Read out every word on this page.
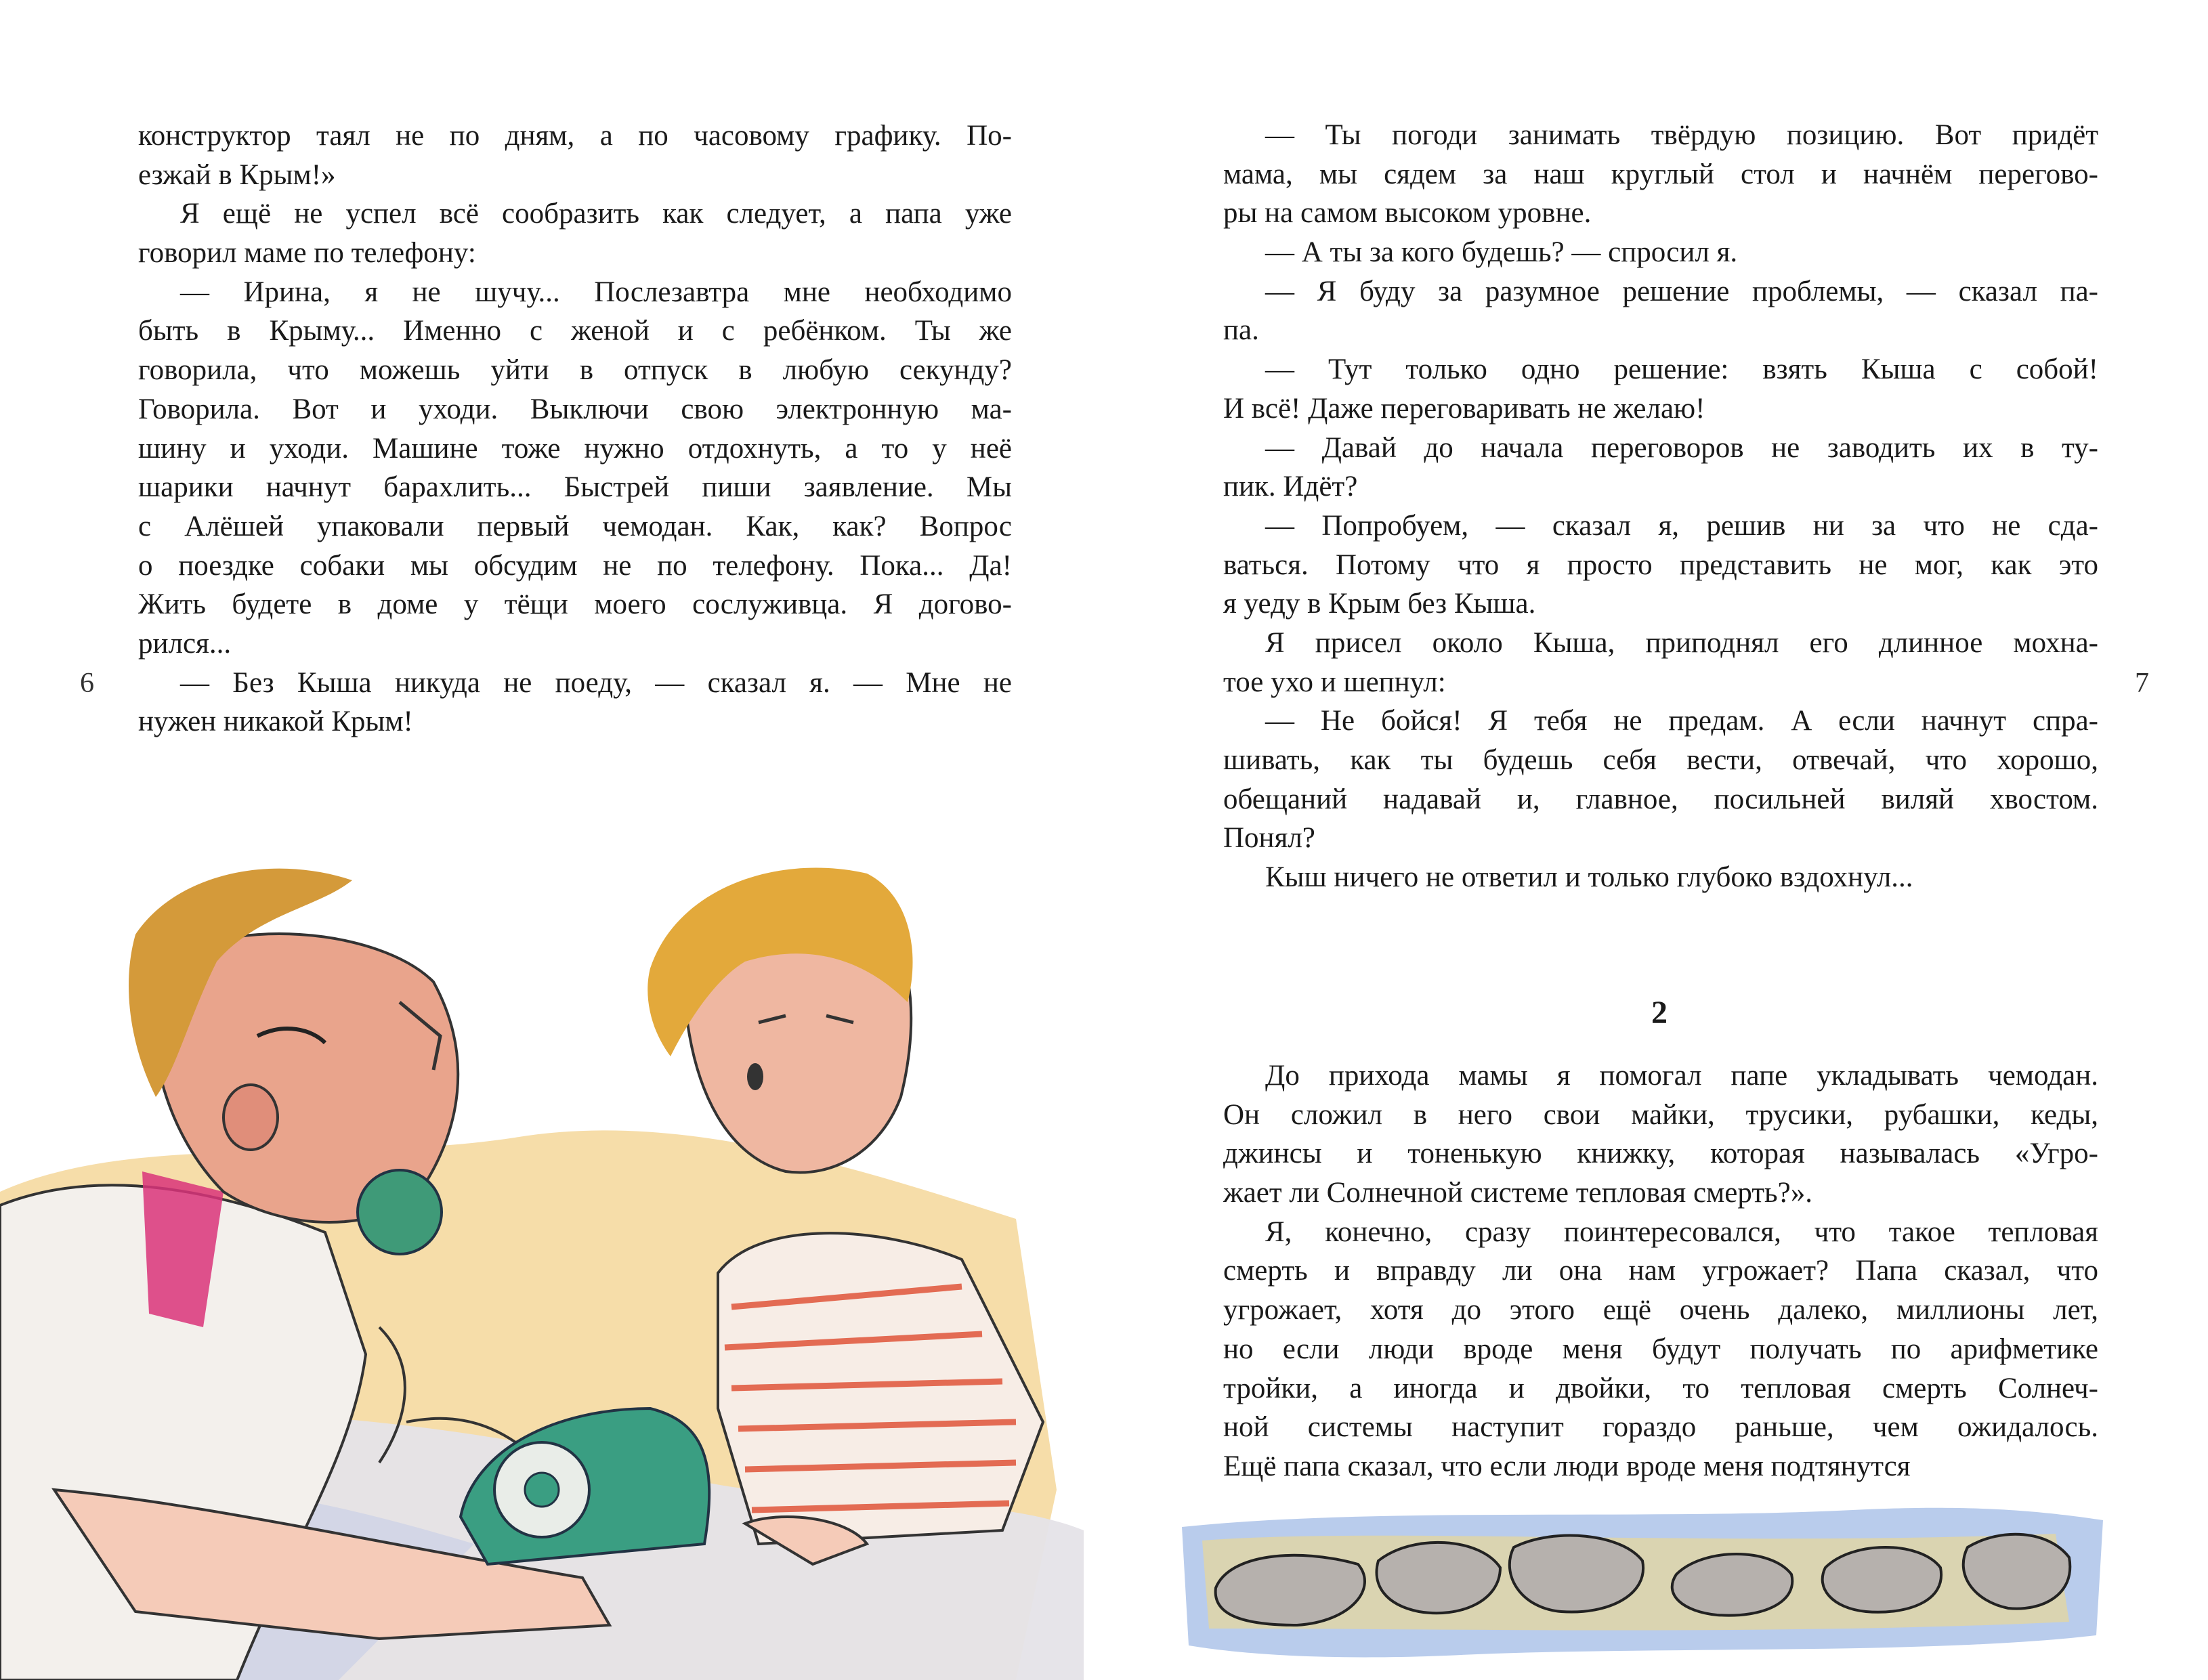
конструктор таял не по дням, а по часовому графику. По-
езжай в Крым!»
Я ещё не успел всё сообразить как следует, а папа уже
говорил маме по телефону:
— Ирина, я не шучу... Послезавтра мне необходимо
быть в Крыму... Именно с женой и с ребёнком. Ты же
говорила, что можешь уйти в отпуск в любую секунду?
Говорила. Вот и уходи. Выключи свою электронную ма-
шину и уходи. Машине тоже нужно отдохнуть, а то у неё
шарики начнут барахлить... Быстрей пиши заявление. Мы
с Алёшей упаковали первый чемодан. Как, как? Вопрос
о поездке собаки мы обсудим не по телефону. Пока... Да!
Жить будете в доме у тёщи моего сослуживца. Я догово-
рился...
— Без Кыша никуда не поеду, — сказал я. — Мне не
нужен никакой Крым!
6
— Ты погоди занимать твёрдую позицию. Вот придёт
мама, мы сядем за наш круглый стол и начнём перегово-
ры на самом высоком уровне.
— А ты за кого будешь? — спросил я.
— Я буду за разумное решение проблемы, — сказал па-
па.
— Тут только одно решение: взять Кыша с собой!
И всё! Даже переговаривать не желаю!
— Давай до начала переговоров не заводить их в ту-
пик. Идёт?
— Попробуем, — сказал я, решив ни за что не сда-
ваться. Потому что я просто представить не мог, как это
я уеду в Крым без Кыша.
Я присел около Кыша, приподнял его длинное мохна-
тое ухо и шепнул:
— Не бойся! Я тебя не предам. А если начнут спра-
шивать, как ты будешь себя вести, отвечай, что хорошо,
обещаний надавай и, главное, посильней виляй хвостом.
Понял?
Кыш ничего не ответил и только глубоко вздохнул...
2
До прихода мамы я помогал папе укладывать чемодан.
Он сложил в него свои майки, трусики, рубашки, кеды,
джинсы и тоненькую книжку, которая называлась «Угро-
жает ли Солнечной системе тепловая смерть?».
Я, конечно, сразу поинтересовался, что такое тепловая
смерть и вправду ли она нам угрожает? Папа сказал, что
угрожает, хотя до этого ещё очень далеко, миллионы лет,
но если люди вроде меня будут получать по арифметике
тройки, а иногда и двойки, то тепловая смерть Солнеч-
ной системы наступит гораздо раньше, чем ожидалось.
Ещё папа сказал, что если люди вроде меня подтянутся
7
